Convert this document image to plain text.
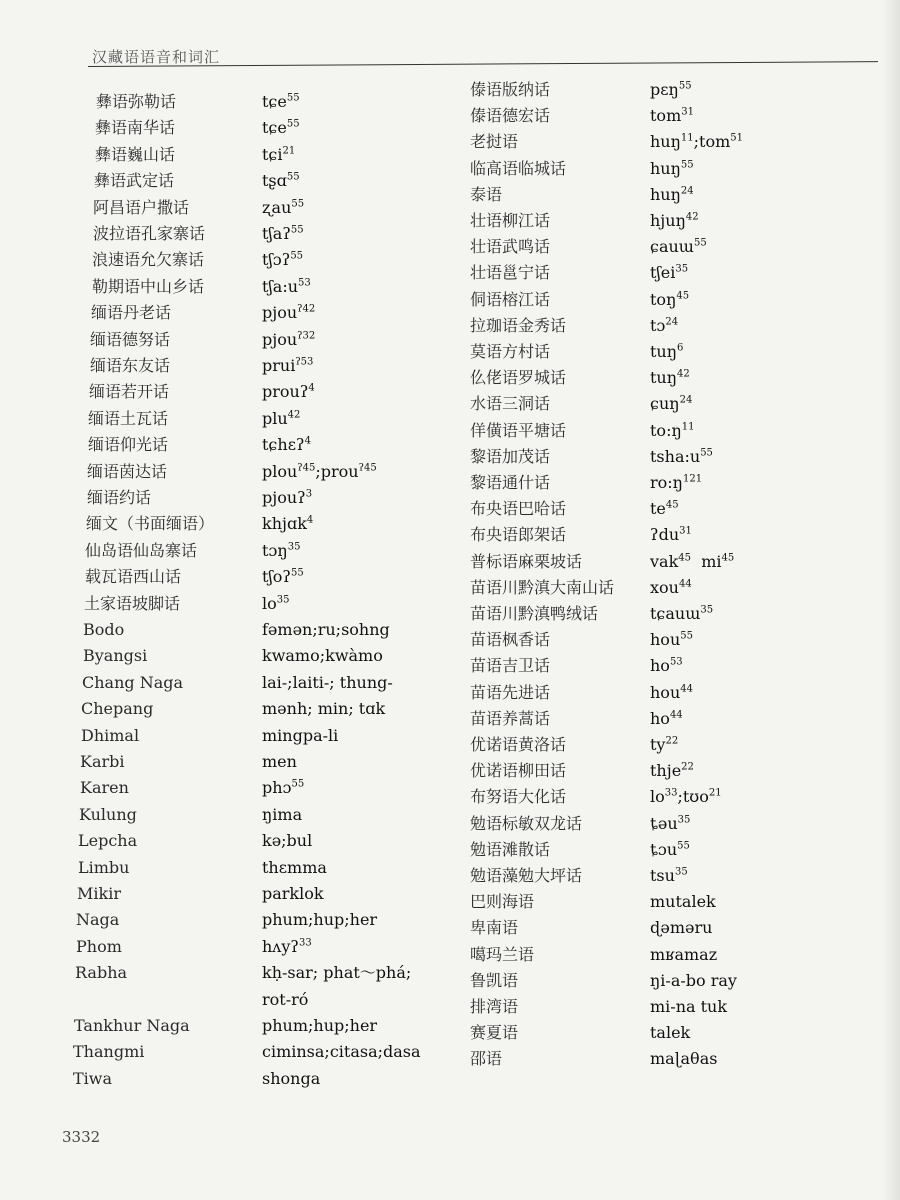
汉藏语语音和词汇
彝语弥勒话	tɕe$^{55}$
彝语南华话	tɕe$^{55}$
彝语巍山话	tɕi$^{21}$
彝语武定话	tʂɑ$^{55}$
阿昌语户撒话	ʐau$^{55}$
波拉语孔家寨话	tʃaʔ$^{55}$
浪速语允欠寨话	tʃɔʔ$^{55}$
勒期语中山乡话	$tʃa:u^{53}$
缅语丹老话	pjou$^{ʔ42}$
缅语德努话	pjou$^{ʔ32}$
缅语东友话	prui$^{ʔ53}$
缅语若开话	prouʔ$^4$
缅语土瓦话	plu$^{42}$
缅语仰光话	tɕhɛʔ$^4$
缅语茵达话	plou$^{ʔ45}$;prou$^{ʔ45}$
缅语约话	pjouʔ$^3$
缅文（书面缅语）	khjɑk$^4$
仙岛语仙岛寨话	tɔŋ$^{35}$
载瓦语西山话	tʃoʔ$^{55}$
土家语坡脚话	$lo^{35}$
Bodo	fəmən;ru;sohng
Byangsi	kwamo;kwàmo
Chang Naga	lai-;laiti-; thung-
Chepang	mənh; min; tɑk
Dhimal	mingpa-li
Karbi	men
Karen	phɔ$^{55}$
Kulung	ŋima
Lepcha	kə;bul
Limbu	thɛmma
Mikir	parklok
Naga	phum;hup;her
Phom	hʌyʔ$^{33}$
Rabha	kḥ-sar; phat～phá;
rot-ró
Tankhur Naga	phum;hup;her
Thangmi	ciminsa;citasa;dasa
Tiwa	shonga
傣语版纳话	pɛŋ$^{55}$
傣语德宏话	tom$^{31}$
老挝语	huŋ$^{11}$;tom$^{51}$
临高语临城话	huŋ$^{55}$
泰语	huŋ$^{24}$
壮语柳江话	hjuŋ$^{42}$
壮语武鸣话	ɕauɯ$^{55}$
壮语邕宁话	tʃei$^{35}$
侗语榕江话	toŋ$^{45}$
拉珈语金秀话	tɔ$^{24}$
莫语方村话	tuŋ$^6$
仫佬语罗城话	tuŋ$^{42}$
水语三洞话	ɕuŋ$^{24}$
佯僙语平塘话	$to:ŋ^{11}$
黎语加茂话	$tsha:u^{55}$
黎语通什话	$ro:ŋ^{121}$
布央语巴哈话	$te^{45}$
布央语郎架话	ʔdu$^{31}$
普标语麻栗坡话	vak$^{45}$  $mi^{45}$
苗语川黔滇大南山话 xou$^{44}$
苗语川黔滇鸭绒话	tɕauɯ$^{35}$
苗语枫香话	hou$^{55}$
苗语吉卫话	$ho^{53}$
苗语先进话	hou$^{44}$
苗语养蒿话	$ho^{44}$
优诺语黄洛话	$ty^{22}$
优诺语柳田话	thje$^{22}$
布努语大化话	$lo^{33};tʊo^{21}$
勉语标敏双龙话	ȶəu$^{35}$
勉语滩散话	ȶɔu$^{55}$
勉语藻勉大坪话	tsu$^{35}$
巴则海语	mutalek
卑南语	ɖəməru
噶玛兰语	mʁamaz
鲁凯语	ŋi-a-bo ray
排湾语	mi-na tuk
赛夏语	talek
邵语	maɭaθas
3332
